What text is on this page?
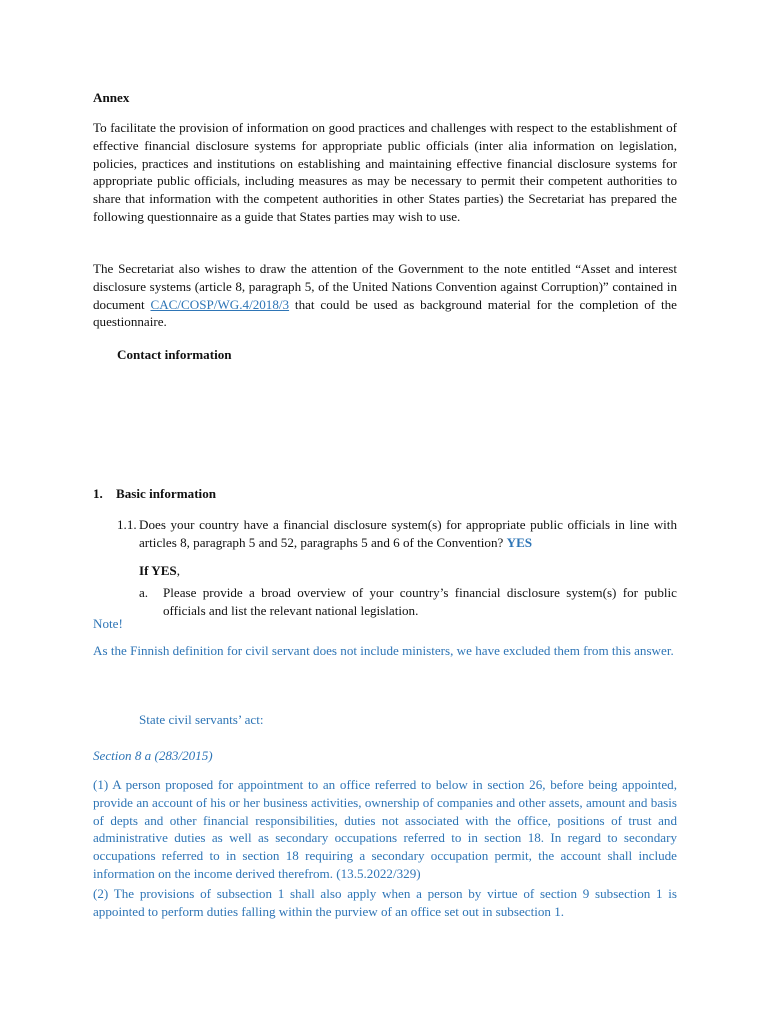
Annex

To facilitate the provision of information on good practices and challenges with respect to the establishment of effective financial disclosure systems for appropriate public officials (inter alia information on legislation, policies, practices and institutions on establishing and maintaining effective financial disclosure systems for appropriate public officials, including measures as may be necessary to permit their competent authorities to share that information with the competent authorities in other States parties) the Secretariat has prepared the following questionnaire as a guide that States parties may wish to use.

The Secretariat also wishes to draw the attention of the Government to the note entitled “Asset and interest disclosure systems (article 8, paragraph 5, of the United Nations Convention against Corruption)” contained in document CAC/COSP/WG.4/2018/3 that could be used as background material for the completion of the questionnaire.

Contact information

1. Basic information

1.1. Does your country have a financial disclosure system(s) for appropriate public officials in line with articles 8, paragraph 5 and 52, paragraphs 5 and 6 of the Convention? YES

If YES,

a.	Please provide a broad overview of your country’s financial disclosure system(s) for public officials and list the relevant national legislation.

Note!

As the Finnish definition for civil servant does not include ministers, we have excluded them from this answer.

State civil servants’ act:

Section 8 a (283/2015)

(1) A person proposed for appointment to an office referred to below in section 26, before being appointed, provide an account of his or her business activities, ownership of companies and other assets, amount and basis of depts and other financial responsibilities, duties not associated with the office, positions of trust and administrative duties as well as secondary occupations referred to in section 18. In regard to secondary occupations referred to in section 18 requiring a secondary occupation permit, the account shall include information on the income derived therefrom. (13.5.2022/329)

(2) The provisions of subsection 1 shall also apply when a person by virtue of section 9 subsection 1 is appointed to perform duties falling within the purview of an office set out in subsection 1.
